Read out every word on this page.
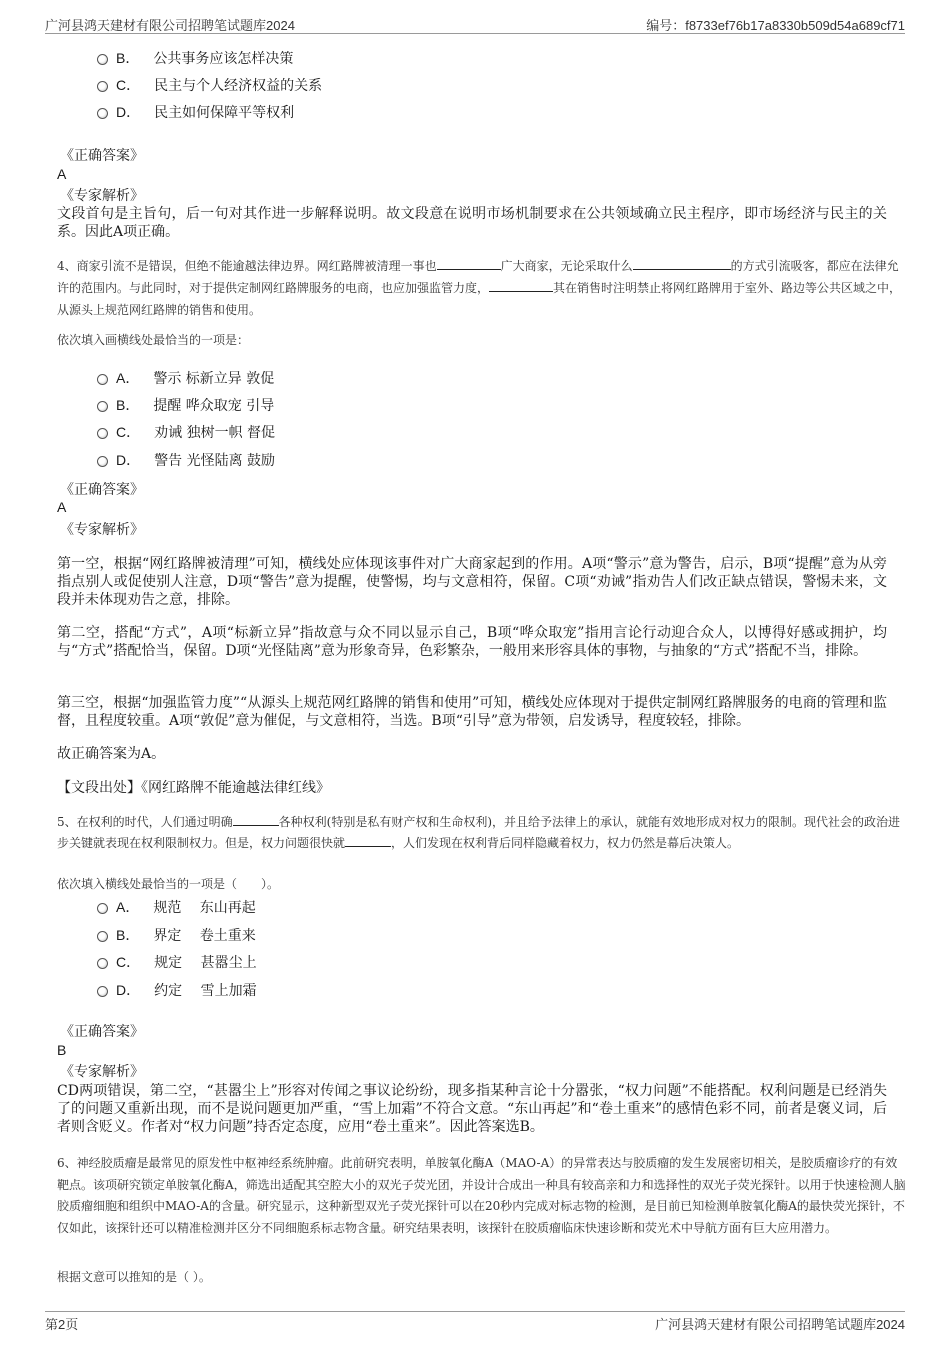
广河县鸿天建材有限公司招聘笔试题库2024	编号：f8733ef76b17a8330b509d54a689cf71
B． 公共事务应该怎样决策
C． 民主与个人经济权益的关系
D． 民主如何保障平等权利
《正确答案》
A
《专家解析》
文段首句是主旨句，后一句对其作进一步解释说明。故文段意在说明市场机制要求在公共领域确立民主程序，即市场经济与民主的关系。因此A项正确。
4、商家引流不是错误，但绝不能逾越法律边界。网红路牌被清理一事也	广大商家，无论采取什么	的方式引流吸客，都应在法律允许的范围内。与此同时，对于提供定制网红路牌服务的电商，也应加强监管力度，	其在销售时注明禁止将网红路牌用于室外、路边等公共区域之中，从源头上规范网红路牌的销售和使用。
依次填入画横线处最恰当的一项是：
A． 警示 标新立异 敦促
B． 提醒 哗众取宠 引导
C． 劝诫 独树一帜 督促
D． 警告 光怪陆离 鼓励
《正确答案》
A
《专家解析》
第一空，根据“网红路牌被清理”可知，横线处应体现该事件对广大商家起到的作用。A项“警示”意为警告，启示，B项“提醒”意为从旁指点别人或促使别人注意，D项“警告”意为提醒，使警惕，均与文意相符，保留。C项“劝诫”指劝告人们改正缺点错误，警惕未来，文段并未体现劝告之意，排除。
第二空，搭配“方式”，A项“标新立异”指故意与众不同以显示自己，B项“哗众取宠”指用言论行动迎合众人，以博得好感或拥护，均与“方式”搭配恰当，保留。D项“光怪陆离”意为形象奇异，色彩繁杂，一般用来形容具体的事物，与抽象的“方式”搭配不当，排除。
第三空，根据“加强监管力度”“从源头上规范网红路牌的销售和使用”可知，横线处应体现对于提供定制网红路牌服务的电商的管理和监督，且程度较重。A项“敦促”意为催促，与文意相符，当选。B项“引导”意为带领，启发诱导，程度较轻，排除。
故正确答案为A。
【文段出处】《网红路牌不能逾越法律红线》
5、在权利的时代，人们通过明确	各种权利(特别是私有财产权和生命权利)，并且给予法律上的承认，就能有效地形成对权力的限制。现代社会的政治进步关键就表现在权利限制权力。但是，权力问题很快就	，人们发现在权利背后同样隐藏着权力，权力仍然是幕后决策人。
依次填入横线处最恰当的一项是（　　）。
A． 规范　 东山再起
B． 界定　 卷土重来
C． 规定　 甚嚣尘上
D． 约定　 雪上加霜
《正确答案》
B
《专家解析》
CD两项错误，第二空，“甚嚣尘上”形容对传闻之事议论纷纷，现多指某种言论十分嚣张，“权力问题”不能搭配。权利问题是已经消失了的问题又重新出现，而不是说问题更加严重，“雪上加霜”不符合文意。“东山再起”和“卷土重来”的感情色彩不同，前者是褒义词，后者则含贬义。作者对“权力问题”持否定态度，应用“卷土重来”。因此答案选B。
6、神经胶质瘤是最常见的原发性中枢神经系统肿瘤。此前研究表明，单胺氧化酶A（MAO-A）的异常表达与胶质瘤的发生发展密切相关，是胶质瘤诊疗的有效靶点。该项研究锁定单胺氧化酶A，筛选出适配其空腔大小的双光子荧光团，并设计合成出一种具有较高亲和力和选择性的双光子荧光探针。以用于快速检测人脑胶质瘤细胞和组织中MAO-A的含量。研究显示，这种新型双光子荧光探针可以在20秒内完成对标志物的检测，是目前已知检测单胺氧化酶A的最快荧光探针，不仅如此，该探针还可以精准检测并区分不同细胞系标志物含量。研究结果表明，该探针在胶质瘤临床快速诊断和荧光术中导航方面有巨大应用潜力。
根据文意可以推知的是（ ）。
第2页	广河县鸿天建材有限公司招聘笔试题库2024
